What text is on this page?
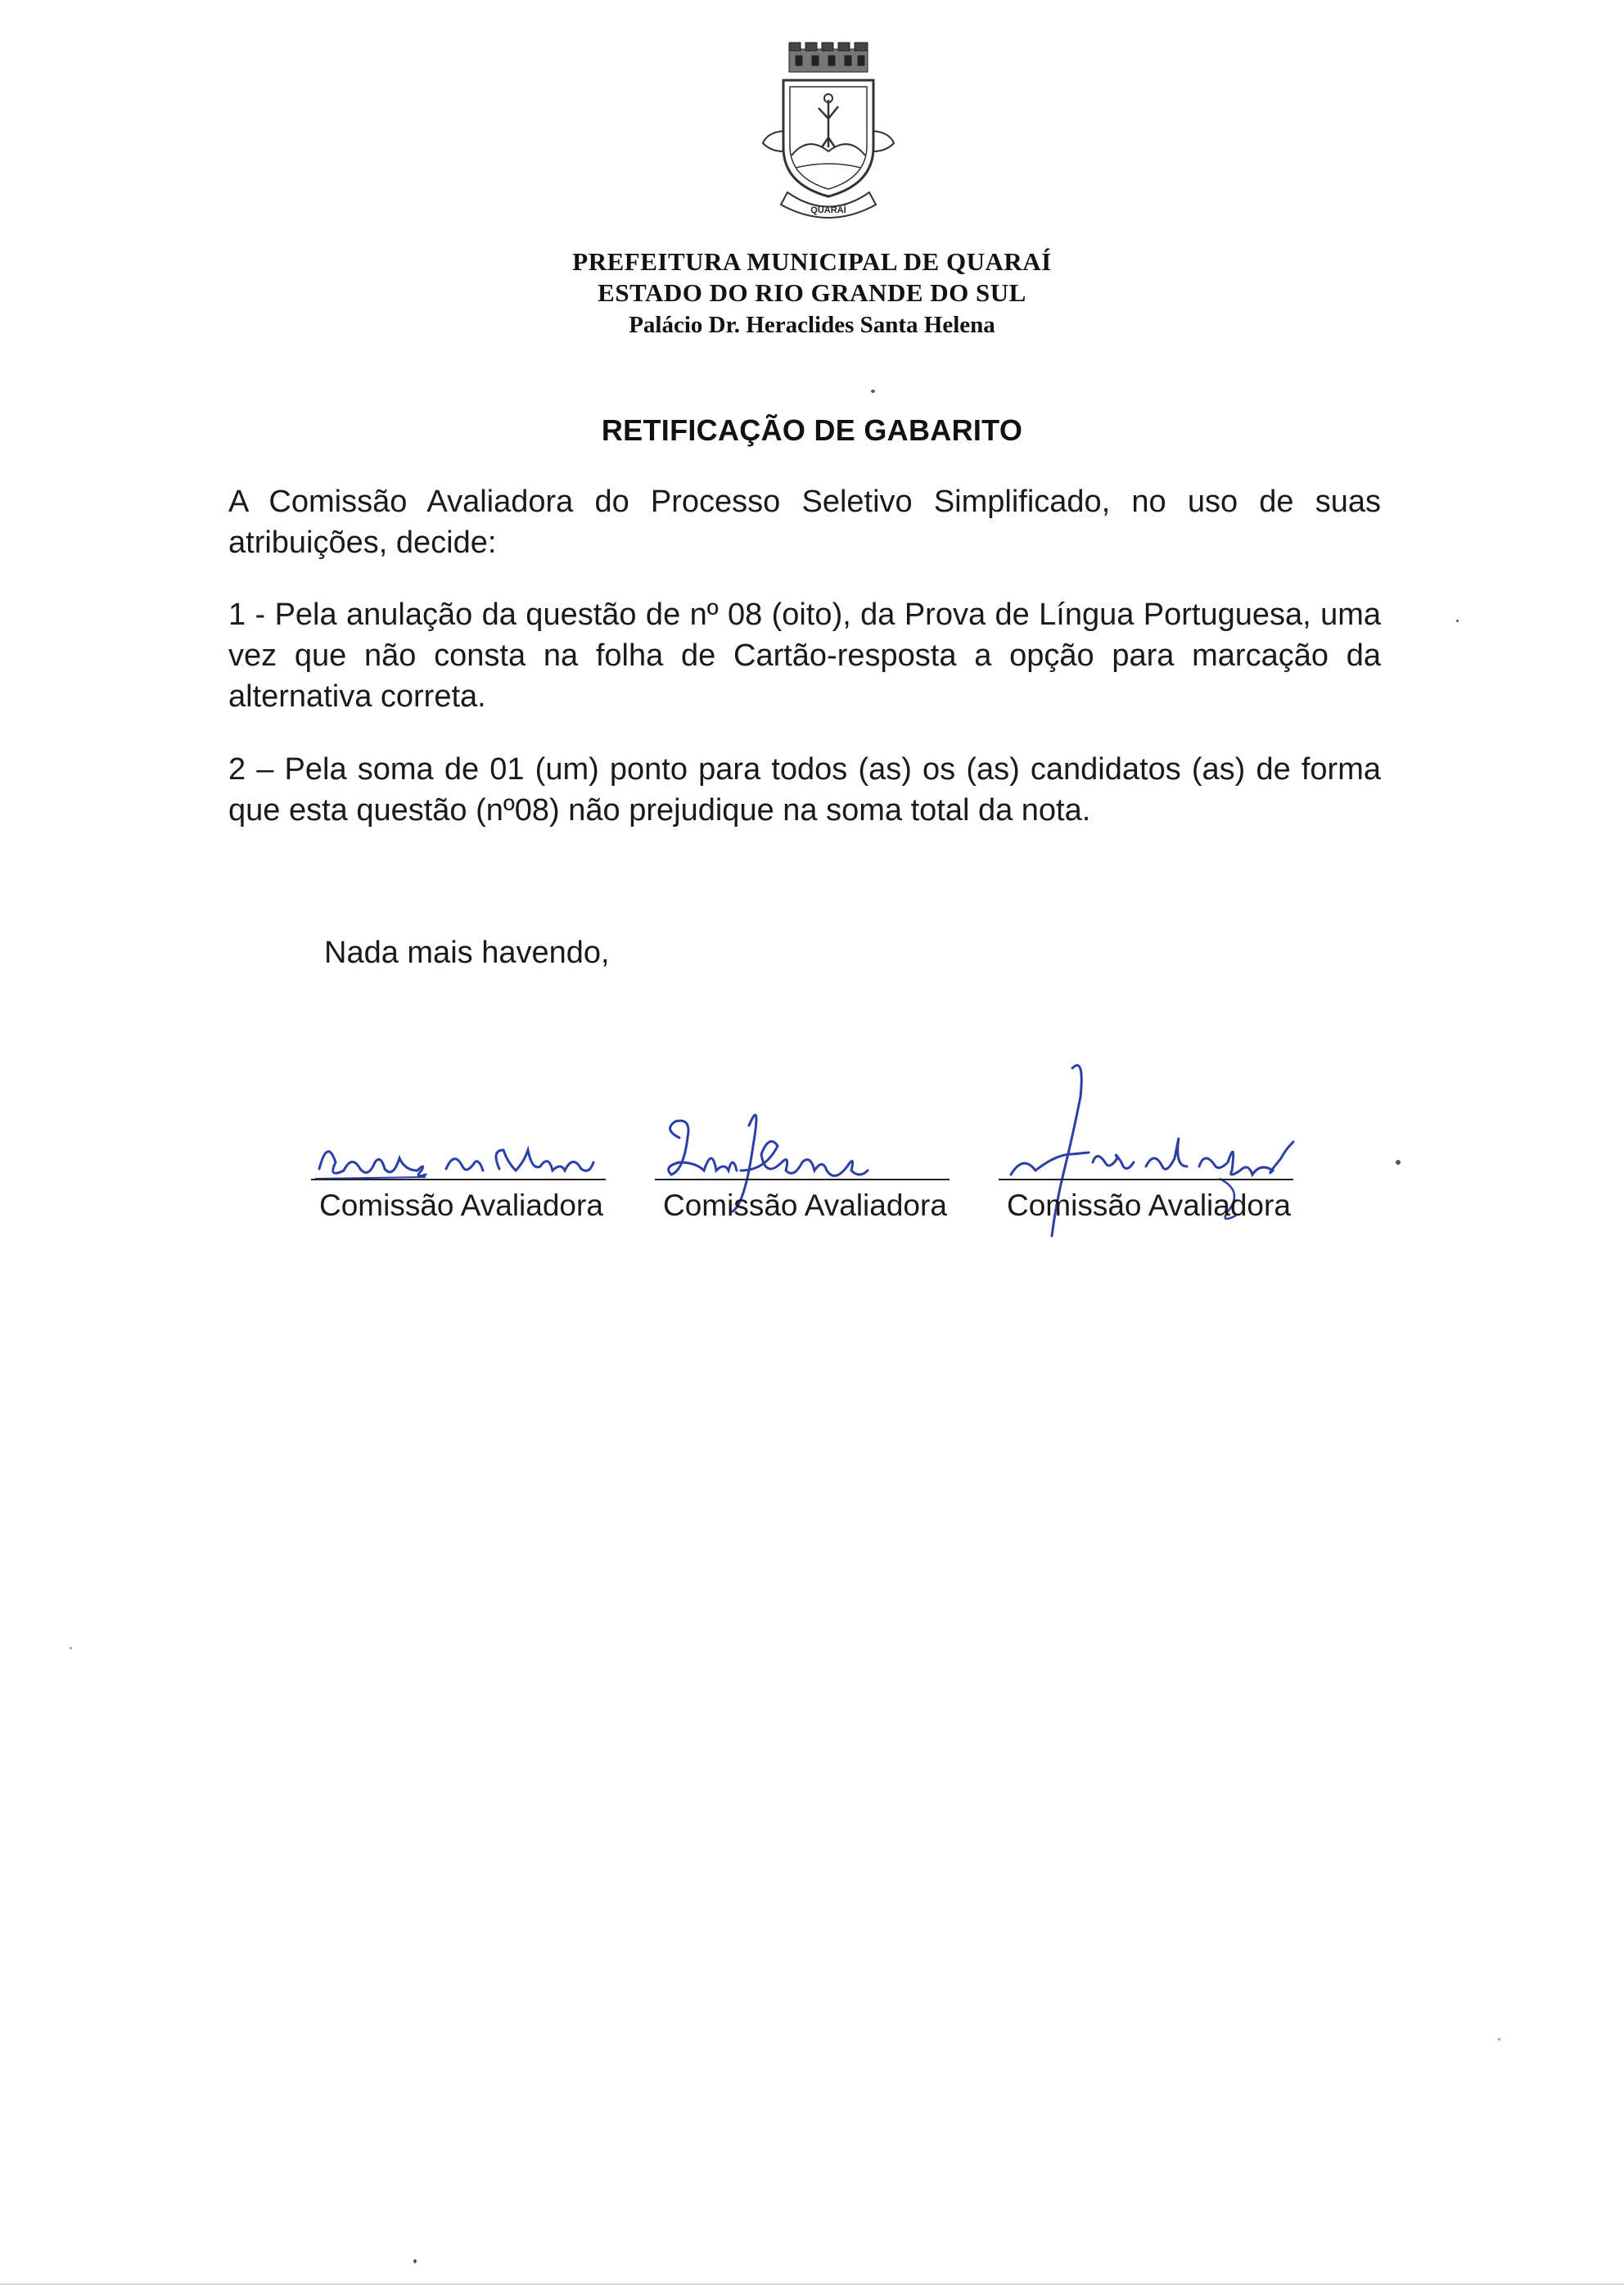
QUARAÍ
PREFEITURA MUNICIPAL DE QUARAÍ
ESTADO DO RIO GRANDE DO SUL
Palácio Dr. Heraclides Santa Helena
RETIFICAÇÃO DE GABARITO
A Comissão Avaliadora do Processo Seletivo Simplificado, no uso de suas atribuições, decide:
1 - Pela anulação da questão de nº 08 (oito), da Prova de Língua Portuguesa, uma vez que não consta na folha de Cartão-resposta a opção para marcação da alternativa correta.
2 – Pela soma de 01 (um) ponto para todos (as) os (as) candidatos (as) de forma que esta questão (nº08) não prejudique na soma total da nota.
Nada mais havendo,
Comissão Avaliadora Comissão Avaliadora Comissão Avaliadora
